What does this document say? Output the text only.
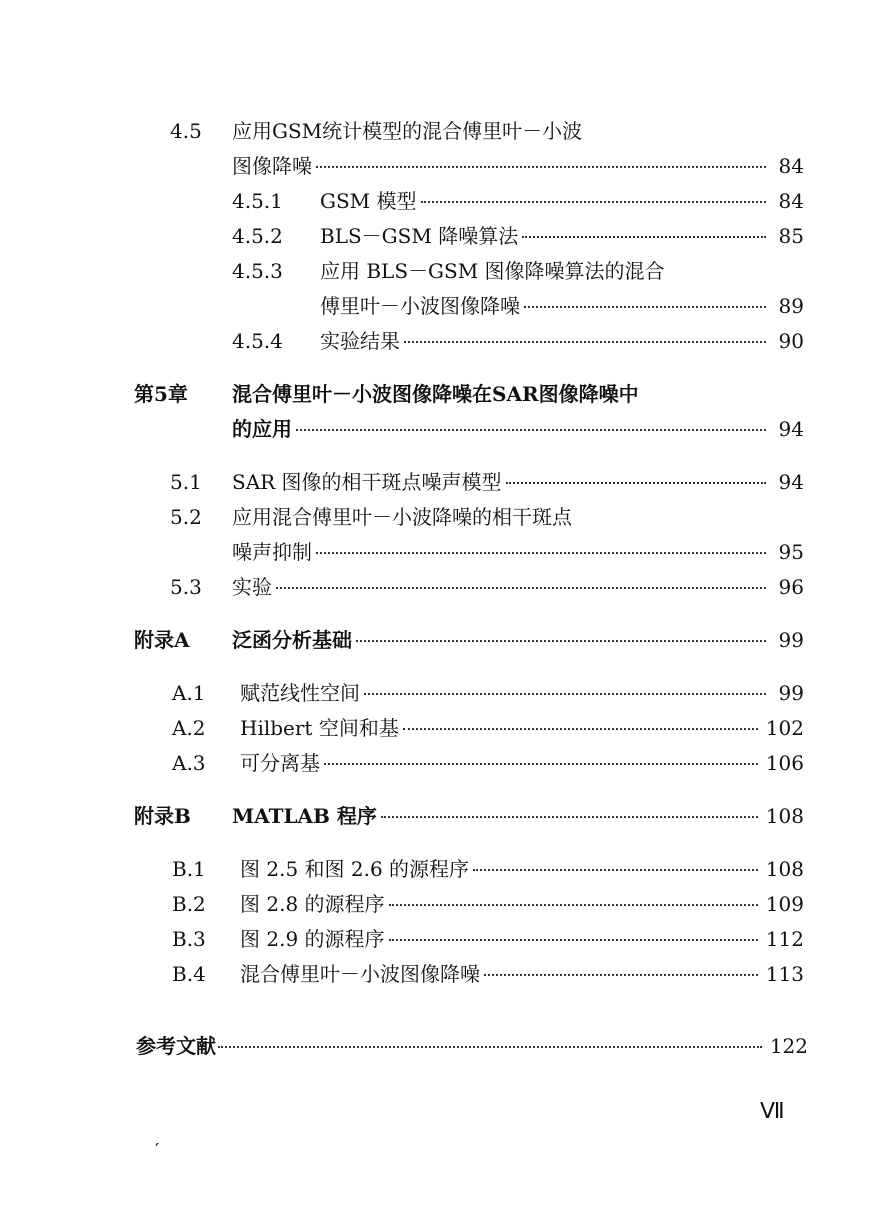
4.5	应用GSM统计模型的混合傅里叶－小波
图像降噪	84
4.5.1	GSM 模型	84
4.5.2	BLS－GSM 降噪算法	85
4.5.3	应用 BLS－GSM 图像降噪算法的混合
傅里叶－小波图像降噪	89
4.5.4	实验结果	90
第5章	混合傅里叶－小波图像降噪在SAR图像降噪中
的应用	94
5.1	SAR 图像的相干斑点噪声模型	94
5.2	应用混合傅里叶－小波降噪的相干斑点
噪声抑制	95
5.3	实验	96
附录A	泛函分析基础	99
A.1	赋范线性空间	99
A.2	Hilbert 空间和基	102
A.3	可分离基	106
附录B	MATLAB 程序	108
B.1	图 2.5 和图 2.6 的源程序	108
B.2	图 2.8 的源程序	109
B.3	图 2.9 的源程序	112
B.4	混合傅里叶－小波图像降噪	113
参考文献	122
Ⅶ
′
